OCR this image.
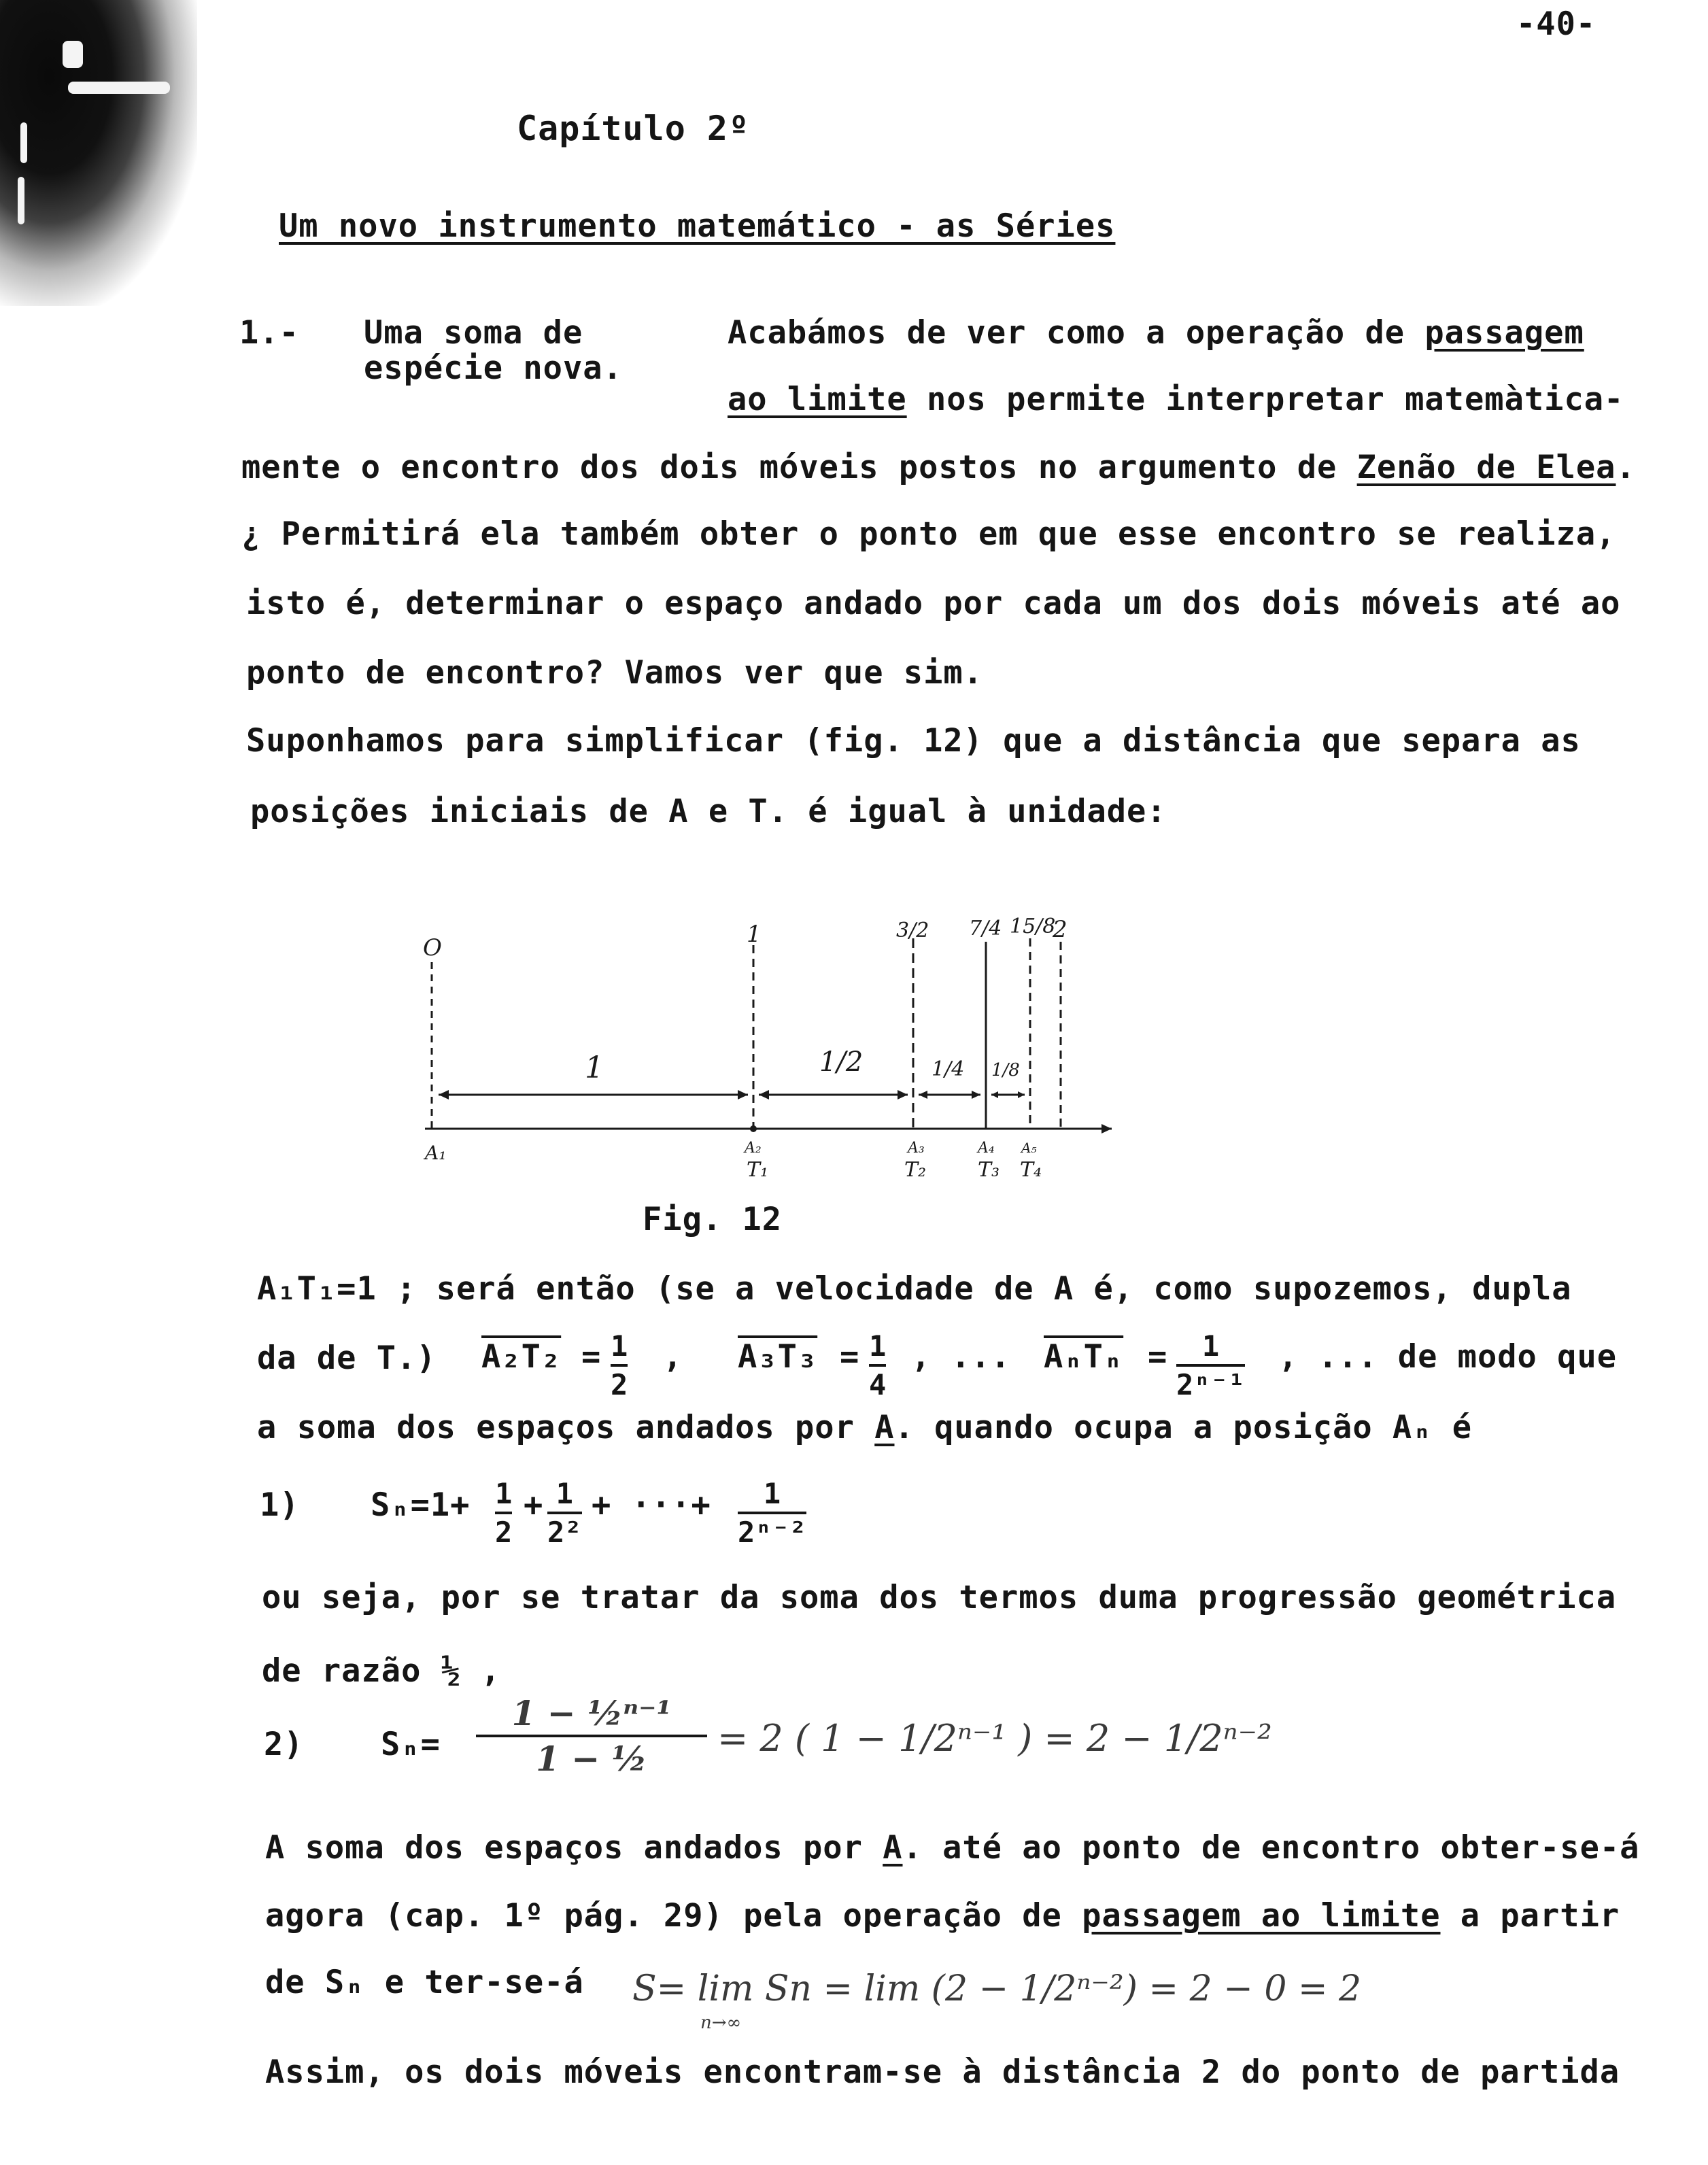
-40-
Capítulo 2º
Um novo instrumento matemático - as Séries
1.- Uma soma de
espécie nova.
Acabámos de ver como a operação de passagem
ao limite nos permite interpretar matemàtica-
mente o encontro dos dois móveis postos no argumento de Zenão de Elea.
¿ Permitirá ela também obter o ponto em que esse encontro se realiza,
isto é, determinar o espaço andado por cada um dos dois móveis até ao
ponto de encontro? Vamos ver que sim.
Suponhamos para simplificar (fig. 12) que a distância que separa as
posições iniciais de A e T. é igual à unidade:
O	1	3/2 7/4 15/8
2
1	1/2	1/4 1/8
A₁	A₂	A₃	A₄ A₅
T₁	T₂	T₃ T₄
Fig. 12
A₁T₁=1 ; será então (se a velocidade de A é, como supozemos, dupla
da de T.) A₂T₂ = 1
2
, A₃T₃ = 1
4
, ... AₙTₙ = 1
2ⁿ⁻¹
, ... de modo que
a soma dos espaços andados por A. quando ocupa a posição Aₙ é
1) Sₙ=1+ 1
2
+ 1
2²
+ ···+ 1
2ⁿ⁻²
ou seja, por se tratar da soma dos termos duma progressão geométrica
de razão ½ ,
2) Sₙ=
1 − ½ⁿ⁻¹
1 − ½ = 2 ( 1 − 1/2ⁿ⁻¹ ) = 2 − 1/2ⁿ⁻²
A soma dos espaços andados por A. até ao ponto de encontro obter-se-á
agora (cap. 1º pág. 29) pela operação de passagem ao limite a partir
de Sₙ e ter-se-á S= lim Sn = lim (2 − 1/2ⁿ⁻²) = 2 − 0 = 2
n→∞
Assim, os dois móveis encontram-se à distância 2 do ponto de partida
